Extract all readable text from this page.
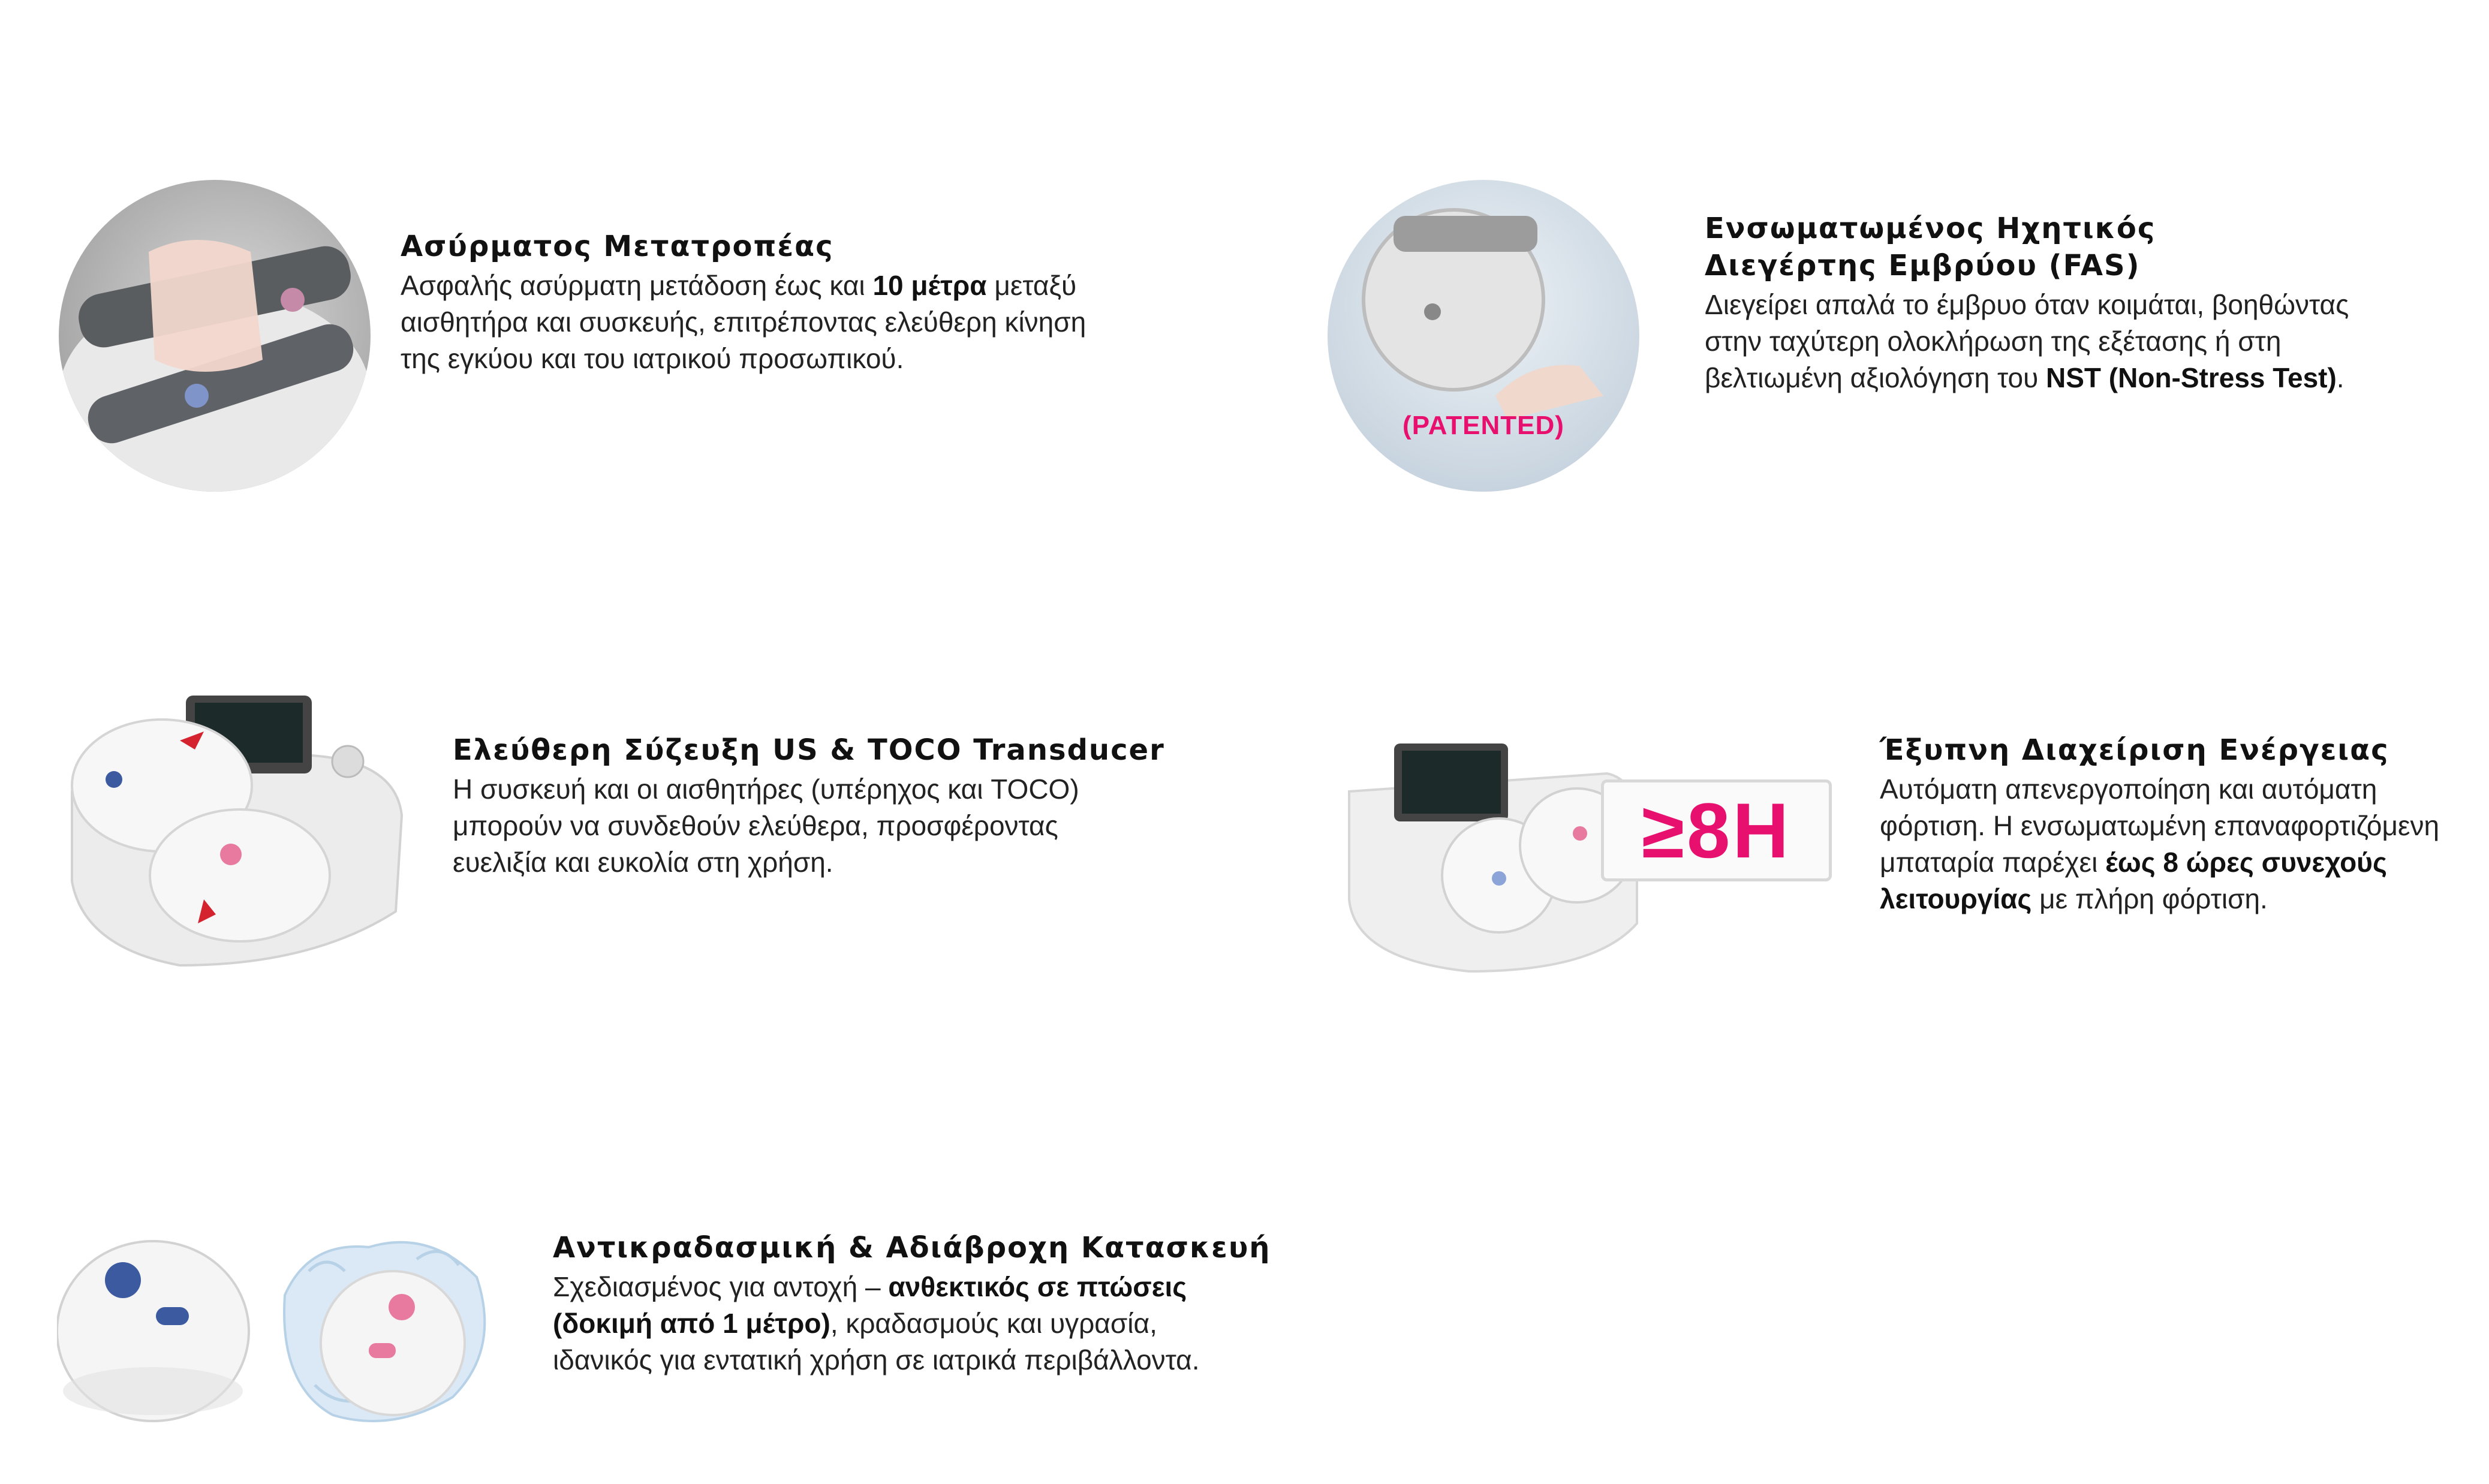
Ασύρματος Μετατροπέας

Ασφαλής ασύρματη μετάδοση έως και 10 μέτρα μεταξύ αισθητήρα και συσκευής, επιτρέποντας ελεύθερη κίνηση της εγκύου και του ιατρικού προσωπικού.

(PATENTED)
Ενσωματωμένος Ηχητικός Διεγέρτης Εμβρύου (FAS)

Διεγείρει απαλά το έμβρυο όταν κοιμάται, βοηθώντας στην ταχύτερη ολοκλήρωση της εξέτασης ή στη βελτιωμένη αξιολόγηση του NST (Non-Stress Test).

Ελεύθερη Σύζευξη US & TOCO Transducer

Η συσκευή και οι αισθητήρες (υπέρηχος και TOCO) μπορούν να συνδεθούν ελεύθερα, προσφέροντας ευελιξία και ευκολία στη χρήση.	≥8H
Έξυπνη Διαχείριση Ενέργειας

Αυτόματη απενεργοποίηση και αυτόματη φόρτιση. Η ενσωματωμένη επαναφορτιζόμενη μπαταρία παρέχει έως 8 ώρες συνεχούς λειτουργίας με πλήρη φόρτιση.

Αντικραδασμική & Αδιάβροχη Κατασκευή

Σχεδιασμένος για αντοχή – ανθεκτικός σε πτώσεις (δοκιμή από 1 μέτρο), κραδασμούς και υγρασία, ιδανικός για εντατική χρήση σε ιατρικά περιβάλλοντα.
